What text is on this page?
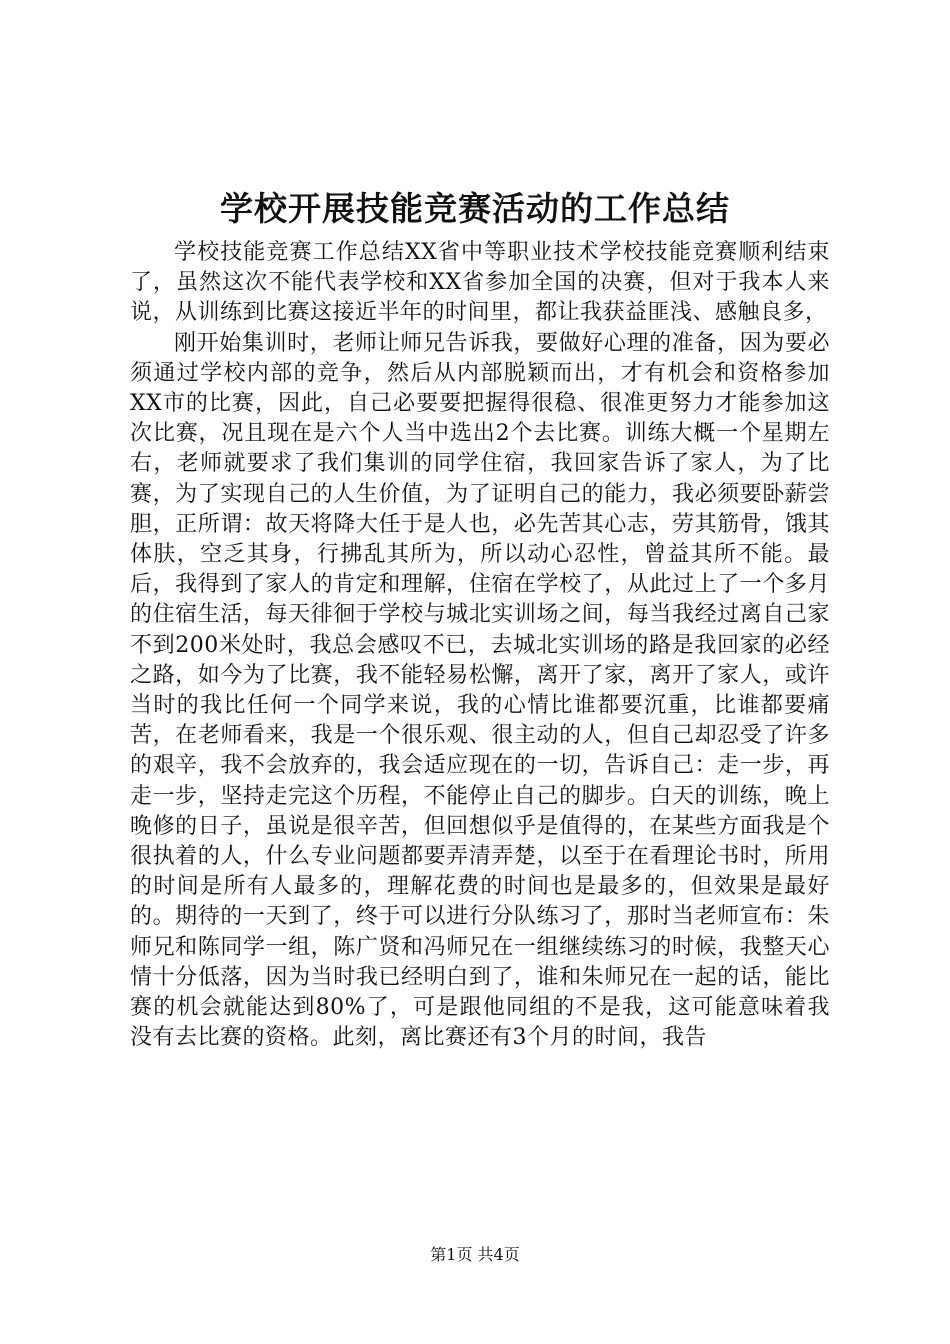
学校开展技能竞赛活动的工作总结

学校技能竞赛工作总结XX省中等职业技术学校技能竞赛顺利结束了，虽然这次不能代表学校和XX省参加全国的决赛，但对于我本人来说，从训练到比赛这接近半年的时间里，都让我获益匪浅、感触良多，

刚开始集训时，老师让师兄告诉我，要做好心理的准备，因为要必须通过学校内部的竞争，然后从内部脱颖而出，才有机会和资格参加XX市的比赛，因此，自己必要要把握得很稳、很准更努力才能参加这次比赛，况且现在是六个人当中选出2个去比赛。训练大概一个星期左右，老师就要求了我们集训的同学住宿，我回家告诉了家人，为了比赛，为了实现自己的人生价值，为了证明自己的能力，我必须要卧薪尝胆，正所谓：故天将降大任于是人也，必先苦其心志，劳其筋骨，饿其体肤，空乏其身，行拂乱其所为，所以动心忍性，曾益其所不能。最后，我得到了家人的肯定和理解，住宿在学校了，从此过上了一个多月的住宿生活，每天徘徊于学校与城北实训场之间，每当我经过离自己家不到200米处时，我总会感叹不已，去城北实训场的路是我回家的必经之路，如今为了比赛，我不能轻易松懈，离开了家，离开了家人，或许当时的我比任何一个同学来说，我的心情比谁都要沉重，比谁都要痛苦，在老师看来，我是一个很乐观、很主动的人，但自己却忍受了许多的艰辛，我不会放弃的，我会适应现在的一切，告诉自己：走一步，再走一步，坚持走完这个历程，不能停止自己的脚步。白天的训练，晚上晚修的日子，虽说是很辛苦，但回想似乎是值得的，在某些方面我是个很执着的人，什么专业问题都要弄清弄楚，以至于在看理论书时，所用的时间是所有人最多的，理解花费的时间也是最多的，但效果是最好的。期待的一天到了，终于可以进行分队练习了，那时当老师宣布：朱师兄和陈同学一组，陈广贤和冯师兄在一组继续练习的时候，我整天心情十分低落，因为当时我已经明白到了，谁和朱师兄在一起的话，能比赛的机会就能达到80%了，可是跟他同组的不是我，这可能意味着我没有去比赛的资格。此刻，离比赛还有3个月的时间，我告

第1页 共4页
